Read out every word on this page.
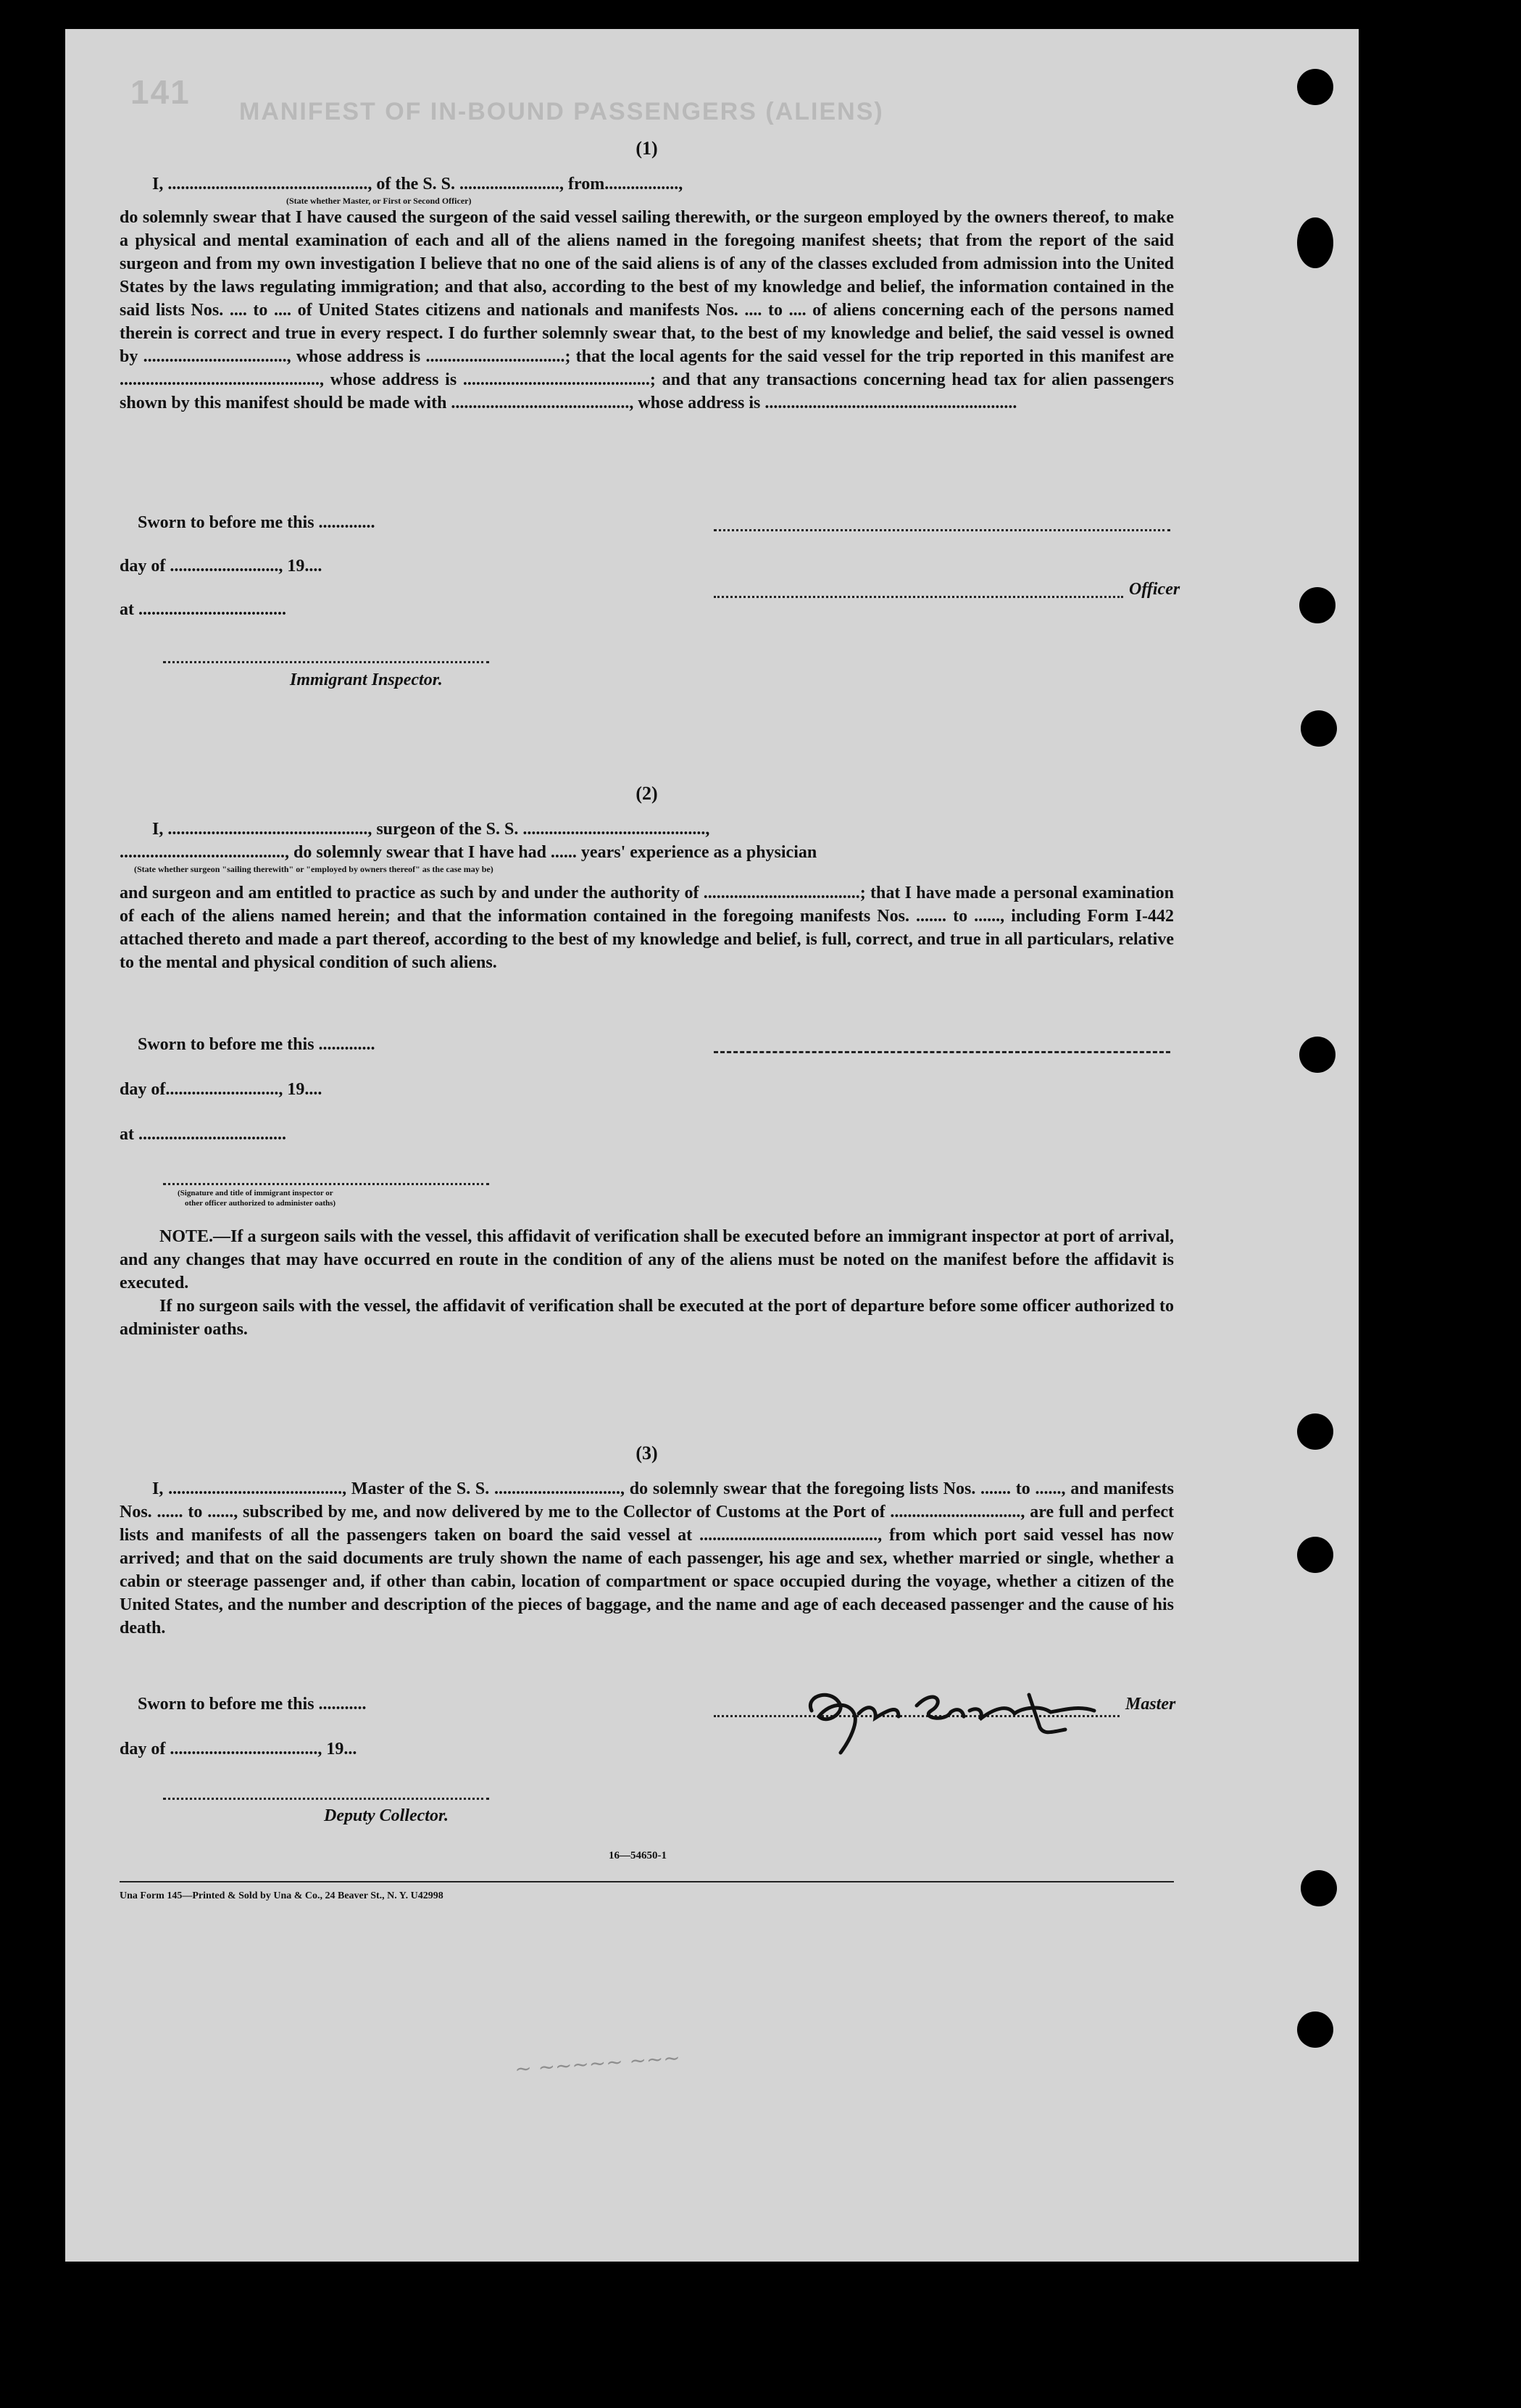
141
MANIFEST OF IN-BOUND PASSENGERS (ALIENS)

(1)

I, .............................................., of the S. S. ......................., from.................,
(State whether Master, or First or Second Officer)

do solemnly swear that I have caused the surgeon of the said vessel sailing therewith, or the surgeon employed by the owners thereof, to make a physical and mental examination of each and all of the aliens named in the foregoing manifest sheets; that from the report of the said surgeon and from my own investigation I believe that no one of the said aliens is of any of the classes excluded from admission into the United States by the laws regulating immigration; and that also, according to the best of my knowledge and belief, the information contained in the said lists Nos. .... to .... of United States citizens and nationals and manifests Nos. .... to .... of aliens concerning each of the persons named therein is correct and true in every respect. I do further solemnly swear that, to the best of my knowledge and belief, the said vessel is owned by ................................., whose address is ................................; that the local agents for the said vessel for the trip reported in this manifest are .............................................., whose address is ...........................................; and that any transactions concerning head tax for alien passengers shown by this manifest should be made with ........................................., whose address is ..........................................................

Sworn to before me this .............
day of ........................., 19....
Officer
at ..................................
Immigrant Inspector.

(2)

I, .............................................., surgeon of the S. S. ..........................................,
......................................, do solemnly swear that I have had ...... years' experience as a physician
(State whether surgeon "sailing therewith" or "employed by owners thereof" as the case may be)

and surgeon and am entitled to practice as such by and under the authority of ....................................; that I have made a personal examination of each of the aliens named herein; and that the information contained in the foregoing manifests Nos. ....... to ......, including Form I-442 attached thereto and made a part thereof, according to the best of my knowledge and belief, is full, correct, and true in all particulars, relative to the mental and physical condition of such aliens.

Sworn to before me this .............
day of.........................., 19....
at ..................................
(Signature and title of immigrant inspector or
other officer authorized to administer oaths)

NOTE.—If a surgeon sails with the vessel, this affidavit of verification shall be executed before an immigrant inspector at port of arrival, and any changes that may have occurred en route in the condition of any of the aliens must be noted on the manifest before the affidavit is executed.

If no surgeon sails with the vessel, the affidavit of verification shall be executed at the port of departure before some officer authorized to administer oaths.

(3)

I, ........................................, Master of the S. S. ............................., do solemnly swear that the foregoing lists Nos. ....... to ......, and manifests Nos. ...... to ......, subscribed by me, and now delivered by me to the Collector of Customs at the Port of .............................., are full and perfect lists and manifests of all the passengers taken on board the said vessel at ........................................., from which port said vessel has now arrived; and that on the said documents are truly shown the name of each passenger, his age and sex, whether married or single, whether a cabin or steerage passenger and, if other than cabin, location of compartment or space occupied during the voyage, whether a citizen of the United States, and the number and description of the pieces of baggage, and the name and age of each deceased passenger and the cause of his death.

Sworn to before me this ...........	Master
day of .................................., 19...
Deputy Collector.
16—54650-1
Una Form 145—Printed & Sold by Una & Co., 24 Beaver St., N. Y. U42998
~ ~~~~~ ~~~
